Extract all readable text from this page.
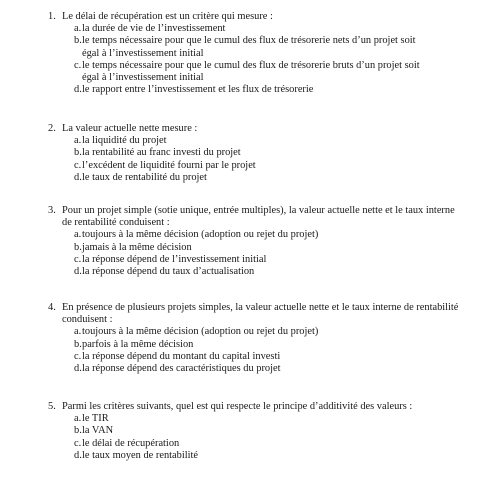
1. Le délai de récupération est un critère qui mesure :
a. la durée de vie de l’investissement
b. le temps nécessaire pour que le cumul des flux de trésorerie nets d’un projet soit égal à l’investissement initial
c. le temps nécessaire pour que le cumul des flux de trésorerie bruts d’un projet soit égal à l’investissement initial
d. le rapport entre l’investissement et les flux de trésorerie
2. La valeur actuelle nette mesure :
a. la liquidité du projet
b. la rentabilité au franc investi du projet
c. l’excédent de liquidité fourni par le projet
d. le taux de rentabilité du projet
3. Pour un projet simple (sotie unique, entrée multiples), la valeur actuelle nette et le taux interne de rentabilité conduisent :
a. toujours à la même décision (adoption ou rejet du projet)
b. jamais à la même décision
c. la réponse dépend de l’investissement initial
d. la réponse dépend du taux d’actualisation
4. En présence de plusieurs projets simples, la valeur actuelle nette et le taux interne de rentabilité conduisent :
a. toujours à la même décision (adoption ou rejet du projet)
b. parfois à la même décision
c. la réponse dépend du montant du capital investi
d. la réponse dépend des caractéristiques du projet
5. Parmi les critères suivants, quel est qui respecte le principe d’additivité des valeurs :
a. le TIR
b. la VAN
c. le délai de récupération
d. le taux moyen de rentabilité
